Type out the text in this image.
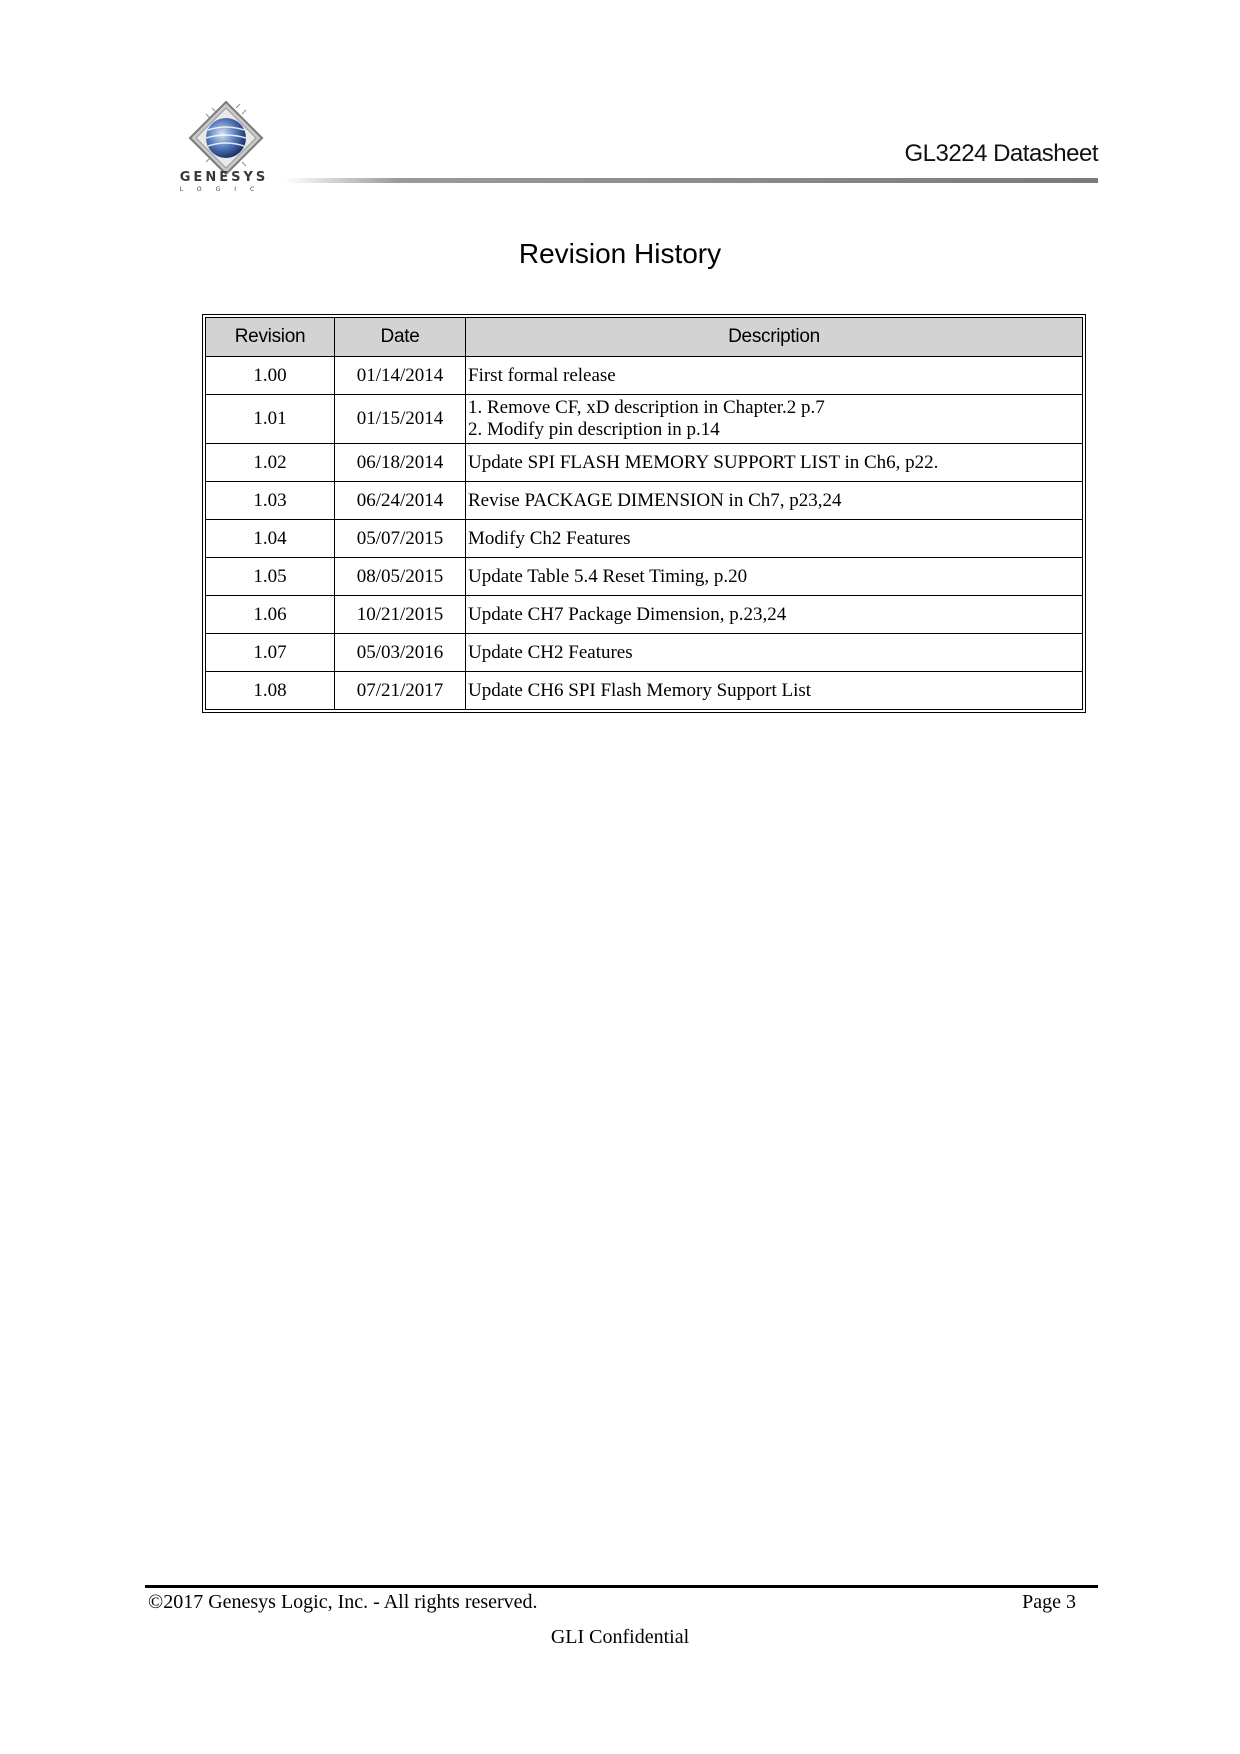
GENESYS
LOGIC
GL3224 Datasheet
Revision History
Revision	Date	Description
1.00	01/14/2014	First formal release
1.01	01/15/2014	1. Remove CF, xD description in Chapter.2 p.7
2. Modify pin description in p.14

1.02	06/18/2014	Update SPI FLASH MEMORY SUPPORT LIST in Ch6, p22.
1.03	06/24/2014	Revise PACKAGE DIMENSION in Ch7, p23,24
1.04	05/07/2015	Modify Ch2 Features
1.05	08/05/2015	Update Table 5.4 Reset Timing, p.20
1.06	10/21/2015	Update CH7 Package Dimension, p.23,24
1.07	05/03/2016	Update CH2 Features
1.08	07/21/2017	Update CH6 SPI Flash Memory Support List
©2017 Genesys Logic, Inc. - All rights reserved.	Page 3
GLI Confidential
